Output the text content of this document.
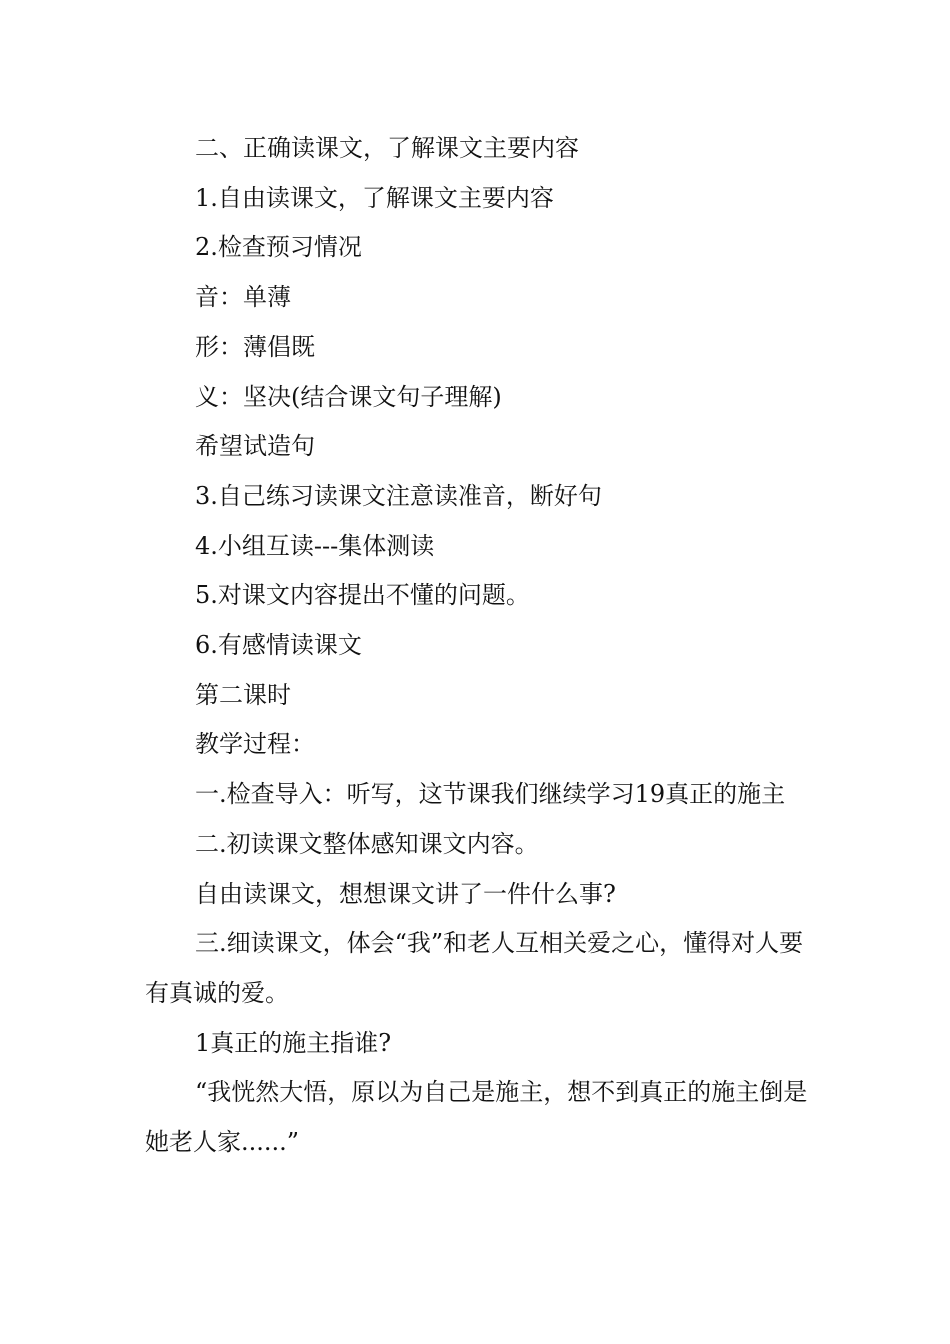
二、正确读课文，了解课文主要内容

1.自由读课文，了解课文主要内容

2.检查预习情况

音：单薄

形：薄倡既

义：坚决(结合课文句子理解)

希望试造句

3.自己练习读课文注意读准音，断好句

4.小组互读---集体测读

5.对课文内容提出不懂的问题。

6.有感情读课文

第二课时

教学过程：

一.检查导入：听写，这节课我们继续学习19真正的施主

二.初读课文整体感知课文内容。

自由读课文，想想课文讲了一件什么事?

三.细读课文，体会“我”和老人互相关爱之心，懂得对人要有真诚的爱。

1真正的施主指谁?

“我恍然大悟，原以为自己是施主，想不到真正的施主倒是她老人家......”
